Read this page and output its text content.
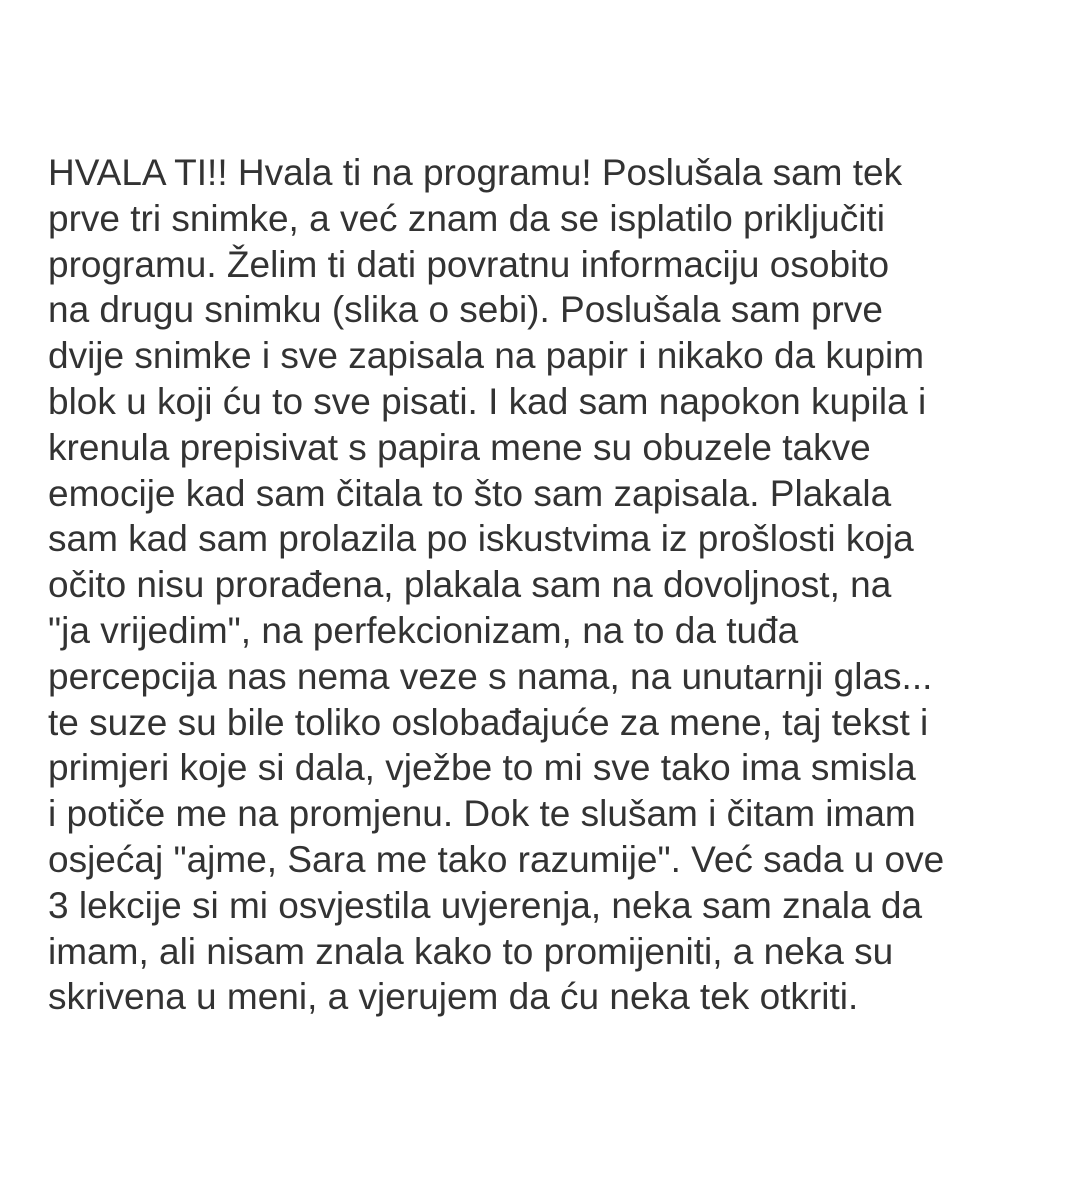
HVALA TI!! Hvala ti na programu! Poslušala sam tek
prve tri snimke, a već znam da se isplatilo priključiti
programu. Želim ti dati povratnu informaciju osobito
na drugu snimku (slika o sebi). Poslušala sam prve
dvije snimke i sve zapisala na papir i nikako da kupim
blok u koji ću to sve pisati. I kad sam napokon kupila i
krenula prepisivat s papira mene su obuzele takve
emocije kad sam čitala to što sam zapisala. Plakala
sam kad sam prolazila po iskustvima iz prošlosti koja
očito nisu prorađena, plakala sam na dovoljnost, na
"ja vrijedim", na perfekcionizam, na to da tuđa
percepcija nas nema veze s nama, na unutarnji glas...
te suze su bile toliko oslobađajuće za mene, taj tekst i
primjeri koje si dala, vježbe to mi sve tako ima smisla
i potiče me na promjenu. Dok te slušam i čitam imam
osjećaj "ajme, Sara me tako razumije". Već sada u ove
3 lekcije si mi osvjestila uvjerenja, neka sam znala da
imam, ali nisam znala kako to promijeniti, a neka su
skrivena u meni, a vjerujem da ću neka tek otkriti.
